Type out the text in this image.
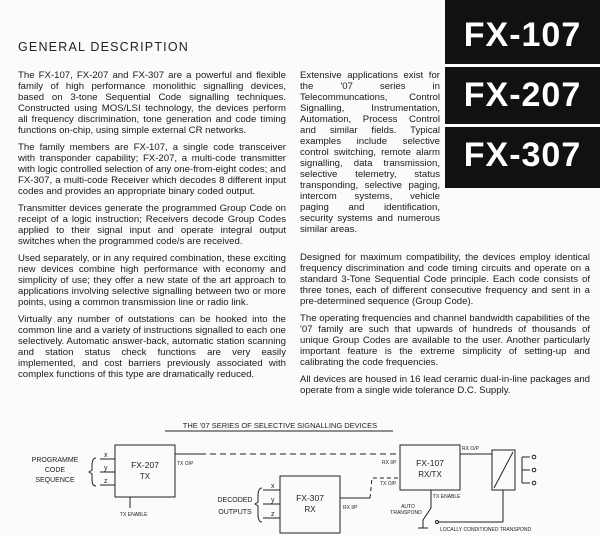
GENERAL DESCRIPTION	FX-107
FX-207
FX-307

The FX-107, FX-207 and FX-307 are a powerful and flexible family of high performance monolithic signalling devices, based on 3-tone Sequential Code signalling techniques. Constructed using MOS/LSI technology, the devices perform all frequency discrimination, tone generation and code timing functions on-chip, using simple external CR networks.

The family members are FX-107, a single code transceiver with transponder capability; FX-207, a multi-code transmitter with logic controlled selection of any one-from-eight codes; and FX-307, a multi-code Receiver which decodes 8 different input codes and provides an appropriate binary coded output.

Transmitter devices generate the programmed Group Code on receipt of a logic instruction; Receivers decode Group Codes applied to their signal input and operate integral output switches when the programmed code/s are received.

Used separately, or in any required combination, these exciting new devices combine high performance with economy and simplicity of use; they offer a new state of the art approach to applications involving selective signalling between two or more points, using a common transmission line or radio link.

Virtually any number of outstations can be hooked into the common line and a variety of instructions signalled to each one selectively. Automatic answer-back, automatic station scanning and station status check functions are very easily implemented, and cost barriers previously associated with complex functions of this type are dramatically reduced.

Extensive applications exist for the '07 series in Telecommuncations, Control Signalling, Instrumentation, Automation, Process Control and similar fields. Typical examples include selective control switching, remote alarm signalling, data transmission, selective telemetry, status transponding, selective paging, intercom systems, vehicle paging and identification, security systems and numerous similar areas.

Designed for maximum compatibility, the devices employ identical frequency discrimination and code timing circuits and operate on a standard 3-Tone Sequential Code principle. Each code consists of three tones, each of different consecutive frequency and sent in a pre-determined sequence (Group Code).

The operating frequencies and channel bandwidth capabilities of the '07 family are such that upwards of hundreds of thousands of unique Group Codes are available to the user. Another particularly important feature is the extreme simplicity of setting-up and calibrating the code frequencies.

All devices are housed in 16 lead ceramic dual-in-line packages and operate from a single wide tolerance D.C. Supply.

THE '07 SERIES OF SELECTIVE SIGNALLING DEVICES
PROGRAMME
CODE
SEQUENCE
x
y
z
FX-207
TX
TX ENABLE
TX O/P
FX-307
RX
DECODED
OUTPUTS
x
y
z
RX I/P
FX-107
RX/TX
RX I/P
TX O/P
TX ENABLE
AUTO
TRANSPOND
LOCALLY CONDITIONED TRANSPOND
RX O/P
